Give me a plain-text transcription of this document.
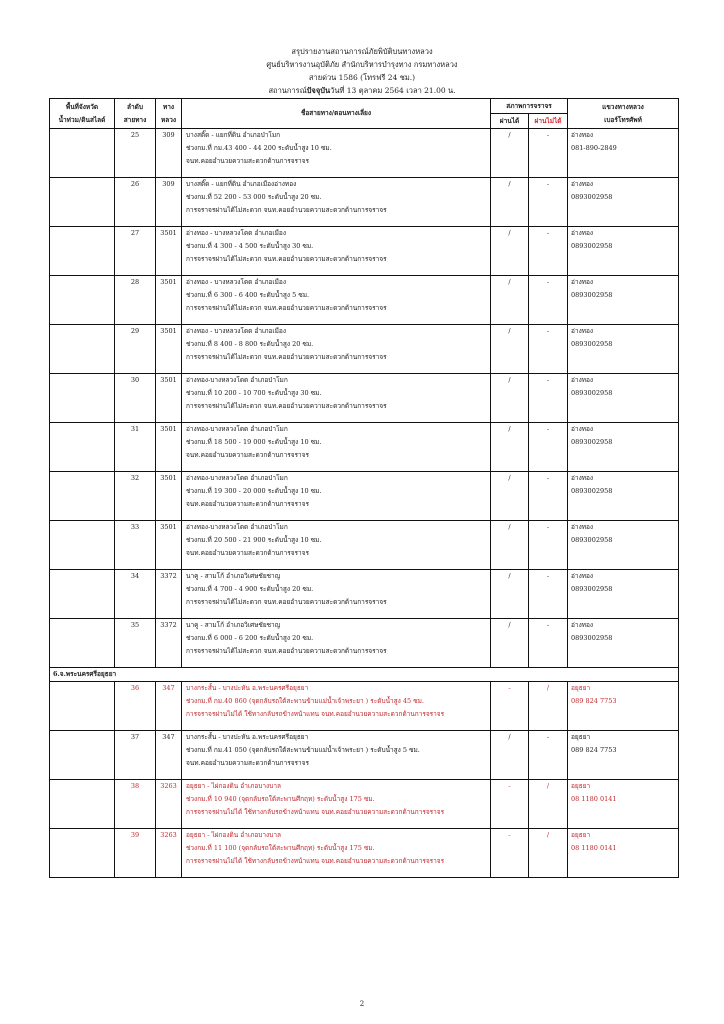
สรุปรายงานสถานการณ์ภัยพิบัติบนทางหลวง
ศูนย์บริหารงานอุบัติภัย สำนักบริหารบำรุงทาง กรมทางหลวง
สายด่วน 1586 (โทรฟรี 24 ชม.)
สถานการณ์ปัจจุบันวันที่ 13 ตุลาคม 2564 เวลา 21.00 น.
พื้นที่จังหวัด
น้ำท่วม/ดินสไลด์	ลำดับ
สายทาง	ทาง
หลวง	ชื่อสายทาง/ตอนทางเลี่ยง	สภาพการจราจร		แขวงทางหลวง
เบอร์โทรศัพท์

				ผ่านได้	ผ่านไม่ได้	
	25	309	บางสติ๊ด - แยกที่ดิน อำเภอป่าโมก
ช่วงกม.ที่ กม.43 400 - 44 200 ระดับน้ำสูง 10 ซม.
จนท.คอยอำนวยความสะดวกด้านการจราจร	/	-	อ่างทอง
081-890-2849

	26	309	บางสติ๊ด - แยกที่ดิน อำเภอเมืองอ่างทอง
ช่วงกม.ที่ 52 200 - 53 000 ระดับน้ำสูง 20 ซม.
การจราจรผ่านได้ไม่สะดวก จนท.คอยอำนวยความสะดวกด้านการจราจร	/	-	อ่างทอง
0893002958

	27	3501	อ่างทอง - บางหลวงโดด อำเภอเมือง
ช่วงกม.ที่ 4 300 - 4 500 ระดับน้ำสูง 30 ซม.
การจราจรผ่านได้ไม่สะดวก จนท.คอยอำนวยความสะดวกด้านการจราจร	/	-	อ่างทอง
0893002958

	28	3501	อ่างทอง - บางหลวงโดด อำเภอเมือง
ช่วงกม.ที่ 6 300 - 6 400 ระดับน้ำสูง 5 ซม.
การจราจรผ่านได้ไม่สะดวก จนท.คอยอำนวยความสะดวกด้านการจราจร	/	-	อ่างทอง
0893002958

	29	3501	อ่างทอง - บางหลวงโดด อำเภอเมือง
ช่วงกม.ที่ 8 400 - 8 800 ระดับน้ำสูง 20 ซม.
การจราจรผ่านได้ไม่สะดวก จนท.คอยอำนวยความสะดวกด้านการจราจร	/	-	อ่างทอง
0893002958

	30	3501	อ่างทอง-บางหลวงโดด อำเภอป่าโมก
ช่วงกม.ที่ 10 200 - 10 700 ระดับน้ำสูง 30 ซม.
การจราจรผ่านได้ไม่สะดวก จนท.คอยอำนวยความสะดวกด้านการจราจร	/	-	อ่างทอง
0893002958

	31	3501	อ่างทอง-บางหลวงโดด อำเภอป่าโมก
ช่วงกม.ที่ 18 500 - 19 000 ระดับน้ำสูง 10 ซม.
จนท.คอยอำนวยความสะดวกด้านการจราจร	/	-	อ่างทอง
0893002958

	32	3501	อ่างทอง-บางหลวงโดด อำเภอป่าโมก
ช่วงกม.ที่ 19 300 - 20 000 ระดับน้ำสูง 10 ซม.
จนท.คอยอำนวยความสะดวกด้านการจราจร	/	-	อ่างทอง
0893002958

	33	3501	อ่างทอง-บางหลวงโดด อำเภอป่าโมก
ช่วงกม.ที่ 20 500 - 21 900 ระดับน้ำสูง 10 ซม.
จนท.คอยอำนวยความสะดวกด้านการจราจร	/	-	อ่างทอง
0893002958

	34	3372	นาคู - สามโก้ อำเภอวิเศษชัยชาญ
ช่วงกม.ที่ 4 700 - 4 900 ระดับน้ำสูง 20 ซม.
การจราจรผ่านได้ไม่สะดวก จนท.คอยอำนวยความสะดวกด้านการจราจร	/	-	อ่างทอง
0893002958

	35	3372	นาคู - สามโก้ อำเภอวิเศษชัยชาญ
ช่วงกม.ที่ 6 000 - 6 200 ระดับน้ำสูง 20 ซม.
การจราจรผ่านได้ไม่สะดวก จนท.คอยอำนวยความสะดวกด้านการจราจร	/	-	อ่างทอง
0893002958

6.จ.พระนครศรีอยุธยา						
	36	347	บางกระสั้น - บางปะหัน อ.พระนครศรีอยุธยา
ช่วงกม.ที่ กม.40 860 (จุดกลับรถใต้สะพานข้ามแม่น้ำเจ้าพระยา ) ระดับน้ำสูง 45 ซม.
การจราจรผ่านไม่ได้ ใช้ทางกลับรถข้างหน้าแทน จนท.คอยอำนวยความสะดวกด้านการจราจร	-	/	อยุธยา
089 824 7753

	37	347	บางกระสั้น - บางปะหัน อ.พระนครศรีอยุธยา
ช่วงกม.ที่ กม.41 050 (จุดกลับรถใต้สะพานข้ามแม่น้ำเจ้าพระยา ) ระดับน้ำสูง 5 ซม.
จนท.คอยอำนวยความสะดวกด้านการจราจร	/	-	อยุธยา
089 824 7753

	38	3263	อยุธยา - ไผ่กองดิน อำเภอบางบาล
ช่วงกม.ที่ 10 940 (จุดกลับรถใต้สะพานศึกฤท) ระดับน้ำสูง 175 ซม.
การจราจรผ่านไม่ได้ ใช้ทางกลับรถข้างหน้าแทน จนท.คอยอำนวยความสะดวกด้านการจราจร	-	/	อยุธยา
08 1180 0141

	39	3263	อยุธยา - ไผ่กองดิน อำเภอบางบาล
ช่วงกม.ที่ 11 100 (จุดกลับรถใต้สะพานศึกฤท) ระดับน้ำสูง 175 ซม.
การจราจรผ่านไม่ได้ ใช้ทางกลับรถข้างหน้าแทน จนท.คอยอำนวยความสะดวกด้านการจราจร	-	/	อยุธยา
08 1180 0141
2
